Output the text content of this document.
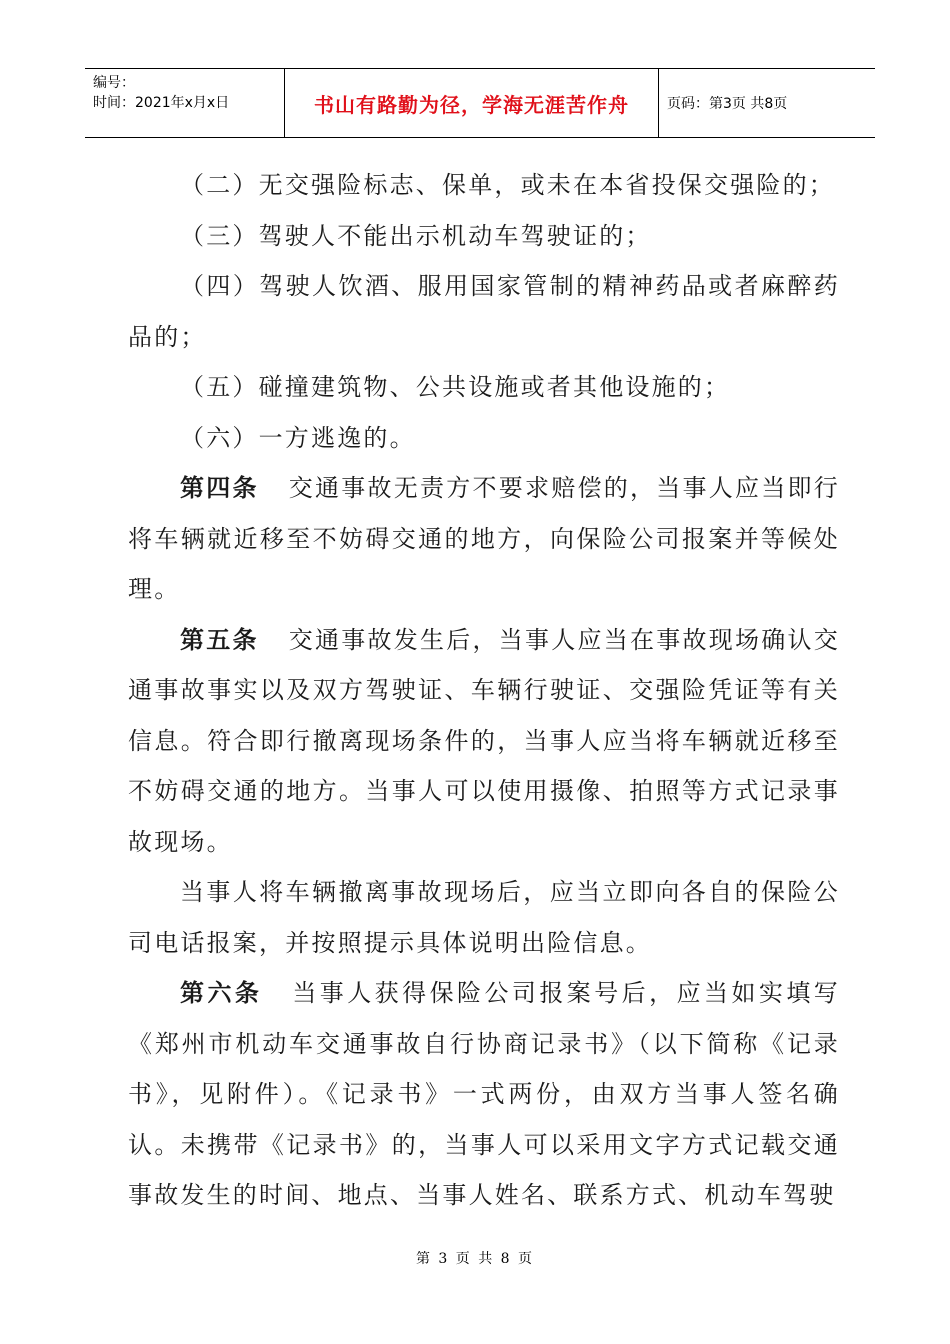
编号：
时间：2021年x月x日	书山有路勤为径，学海无涯苦作舟	页码：第3页 共8页

（二）无交强险标志、保单，或未在本省投保交强险的；

（三）驾驶人不能出示机动车驾驶证的；

（四）驾驶人饮酒、服用国家管制的精神药品或者麻醉药品的；

（五）碰撞建筑物、公共设施或者其他设施的；

（六）一方逃逸的。

第四条 交通事故无责方不要求赔偿的，当事人应当即行将车辆就近移至不妨碍交通的地方，向保险公司报案并等候处理。

第五条 交通事故发生后，当事人应当在事故现场确认交通事故事实以及双方驾驶证、车辆行驶证、交强险凭证等有关信息。符合即行撤离现场条件的，当事人应当将车辆就近移至不妨碍交通的地方。当事人可以使用摄像、拍照等方式记录事故现场。

当事人将车辆撤离事故现场后，应当立即向各自的保险公司电话报案，并按照提示具体说明出险信息。

第六条 当事人获得保险公司报案号后，应当如实填写《郑州市机动车交通事故自行协商记录书》（以下简称《记录书》，见附件）。《记录书》一式两份，由双方当事人签名确认。未携带《记录书》的，当事人可以采用文字方式记载交通事故发生的时间、地点、当事人姓名、联系方式、机动车驾驶

第 3 页 共 8 页
